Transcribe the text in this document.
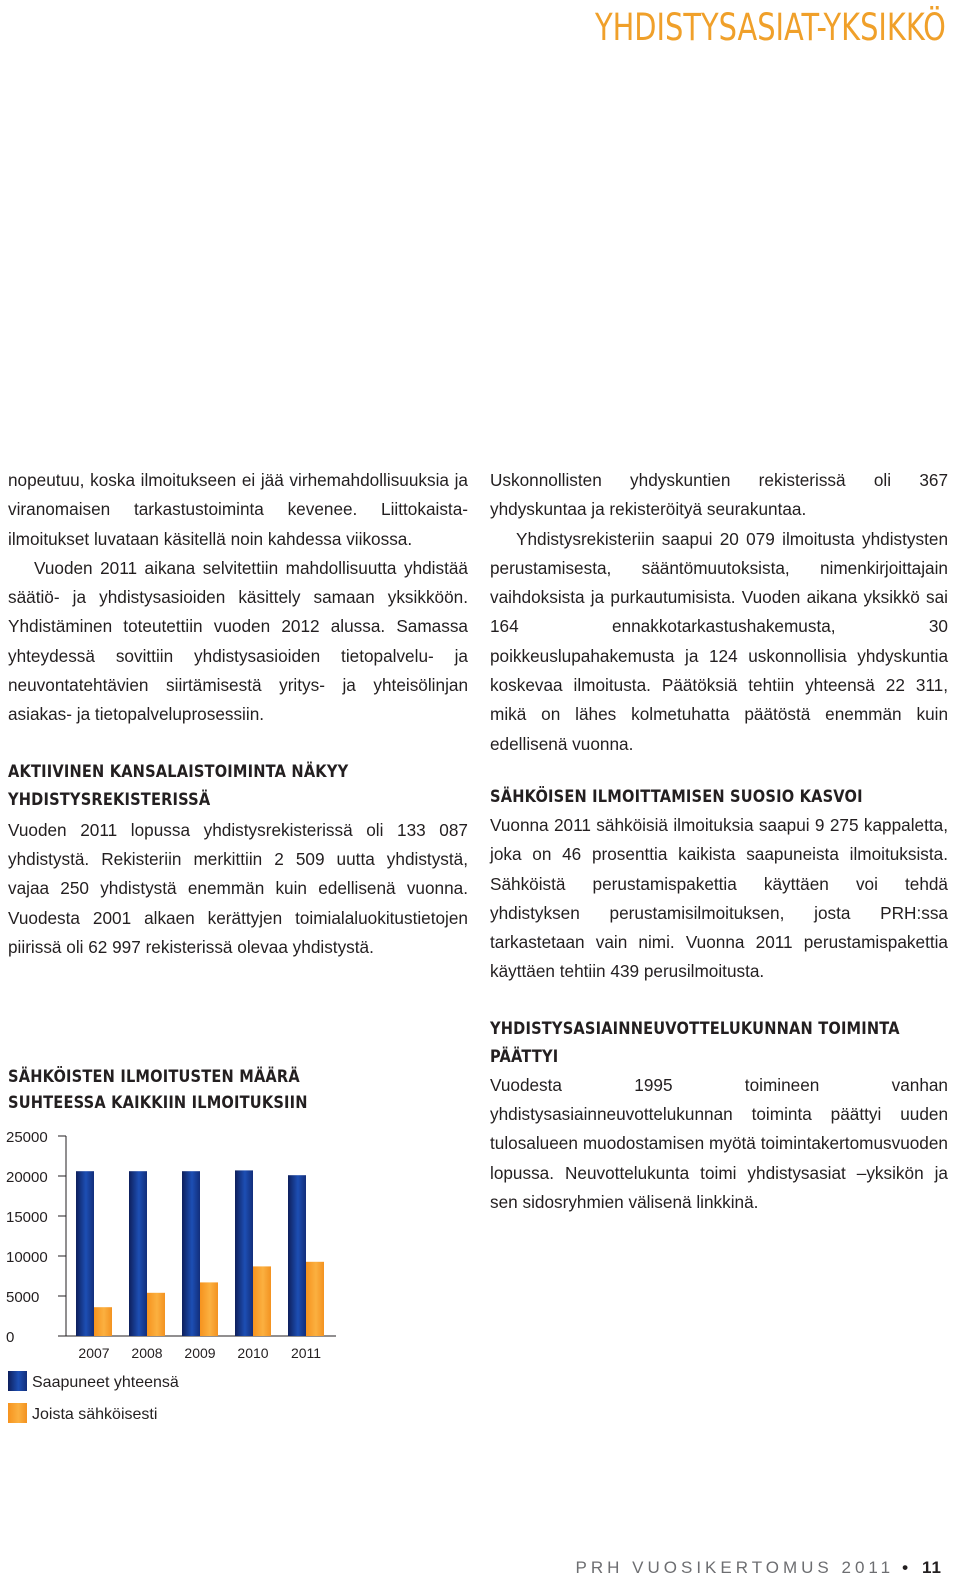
YHDISTYSASIAT-YKSIKKÖ

nopeutuu, koska ilmoitukseen ei jää virhemahdollisuuksia ja viranomaisen tarkastustoiminta kevenee. Liittokaista- ilmoitukset luvataan käsitellä noin kahdessa viikossa.

Vuoden 2011 aikana selvitettiin mahdollisuutta yhdistää säätiö- ja yhdistysasioiden käsittely samaan yksikköön. Yhdistäminen toteutettiin vuoden 2012 alussa. Samassa yhteydessä sovittiin yhdistysasioiden tietopalvelu- ja neuvontatehtävien siirtämisestä yritys- ja yhteisölinjan asiakas- ja tietopalveluprosessiin.

AKTIIVINEN KANSALAISTOIMINTA NÄKYY YHDISTYSREKISTERISSÄ

Vuoden 2011 lopussa yhdistysrekisterissä oli 133 087 yhdistystä. Rekisteriin merkittiin 2 509 uutta yhdistystä, vajaa 250 yhdistystä enemmän kuin edellisenä vuonna. Vuodesta 2001 alkaen kerättyjen toimialaluokitustietojen piirissä oli 62 997 rekisterissä olevaa yhdistystä.

Uskonnollisten yhdyskuntien rekisterissä oli 367 yhdyskuntaa ja rekisteröityä seurakuntaa.

Yhdistysrekisteriin saapui 20 079 ilmoitusta yhdistysten perustamisesta, sääntömuutoksista, nimenkirjoittajain vaihdoksista ja purkautumisista. Vuoden aikana yksikkö sai 164 ennakkotarkastushakemusta, 30 poikkeuslupahakemusta ja 124 uskonnollisia yhdyskuntia koskevaa ilmoitusta. Päätöksiä tehtiin yhteensä 22 311, mikä on lähes kolmetuhatta päätöstä enemmän kuin edellisenä vuonna.

SÄHKÖISEN ILMOITTAMISEN SUOSIO KASVOI

Vuonna 2011 sähköisiä ilmoituksia saapui 9 275 kappaletta, joka on 46 prosenttia kaikista saapuneista ilmoituksista. Sähköistä perustamispakettia käyttäen voi tehdä yhdistyksen perustamisilmoituksen, josta PRH:ssa tarkastetaan vain nimi. Vuonna 2011 perustamispakettia käyttäen tehtiin 439 perusilmoitusta.

YHDISTYSASIAINNEUVOTTELUKUNNAN TOIMINTA PÄÄTTYI

Vuodesta 1995 toimineen vanhan yhdistysasiainneuvottelukunnan toiminta päättyi uuden tulosalueen muodostamisen myötä toimintakertomusvuoden lopussa. Neuvottelukunta toimi yhdistysasiat –yksikön ja sen sidosryhmien välisenä linkkinä.

SÄHKÖISTEN ILMOITUSTEN MÄÄRÄ SUHTEESSA KAIKKIIN ILMOITUKSIIN
0
5000
10000
15000
20000
25000
2007 2008 2009 2010 2011
Saapuneet yhteensä
Joista sähköisesti
PRH VUOSIKERTOMUS 2011 • 11
